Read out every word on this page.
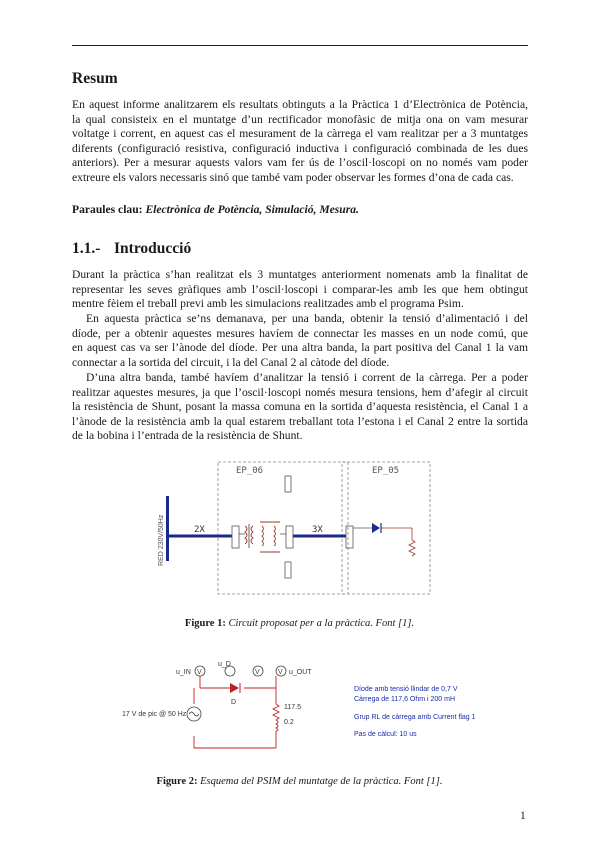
Resum
En aquest informe analitzarem els resultats obtinguts a la Pràctica 1 d’Electrònica de Potència,
la qual consisteix en el muntatge d’un rectificador monofàsic de mitja ona on vam mesurar
voltatge i corrent, en aquest cas el mesurament de la càrrega el vam realitzar per a 3 muntatges
diferents (configuració resistiva, configuració inductiva i configuració combinada de les dues
anteriors). Per a mesurar aquests valors vam fer ús de l’oscil·loscopi on no només vam poder
extreure els valors necessaris sinó que també vam poder observar les formes d’ona de cada cas.
Paraules clau: Electrònica de Potència, Simulació, Mesura.
1.1.- Introducció
Durant la pràctica s’han realitzat els 3 muntatges anteriorment nomenats amb la finalitat de
representar les seves gràfiques amb l’oscil·loscopi i comparar-les amb les que hem obtingut
mentre fèiem el treball previ amb les simulacions realitzades amb el programa Psim.
En aquesta pràctica se’ns demanava, per una banda, obtenir la tensió d’alimentació i del
díode, per a obtenir aquestes mesures havíem de connectar les masses en un node comú, que
en aquest cas va ser l’ànode del díode. Per una altra banda, la part positiva del Canal 1 la vam
connectar a la sortida del circuit, i la del Canal 2 al càtode del díode.
D’una altra banda, també havíem d’analitzar la tensió i corrent de la càrrega. Per a poder
realitzar aquestes mesures, ja que l’oscil·loscopi només mesura tensions, hem d’afegir al circuit
la resistència de Shunt, posant la massa comuna en la sortida d’aquesta resistència, el Canal 1 a
l’ànode de la resistència amb la qual estarem treballant tota l’estona i el Canal 2 entre la sortida
de la bobina i l’entrada de la resistència de Shunt.
RED 230V/50Hz
EP_06	EP_05
2X	3X
Figure 1: Circuit proposat per a la pràctica. Font [1].
V
u_IN	V
u_D
V u_OUT
D
17 V de pic @ 50 Hz
117.5
0.2
Díode amb tensió llindar de 0,7 V
Càrrega de 117,6 Ohm i 200 mH
Grup RL de càrrega amb Current flag 1
Pas de càlcul: 10 us
Figure 2: Esquema del PSIM del muntatge de la pràctica. Font [1].
1
